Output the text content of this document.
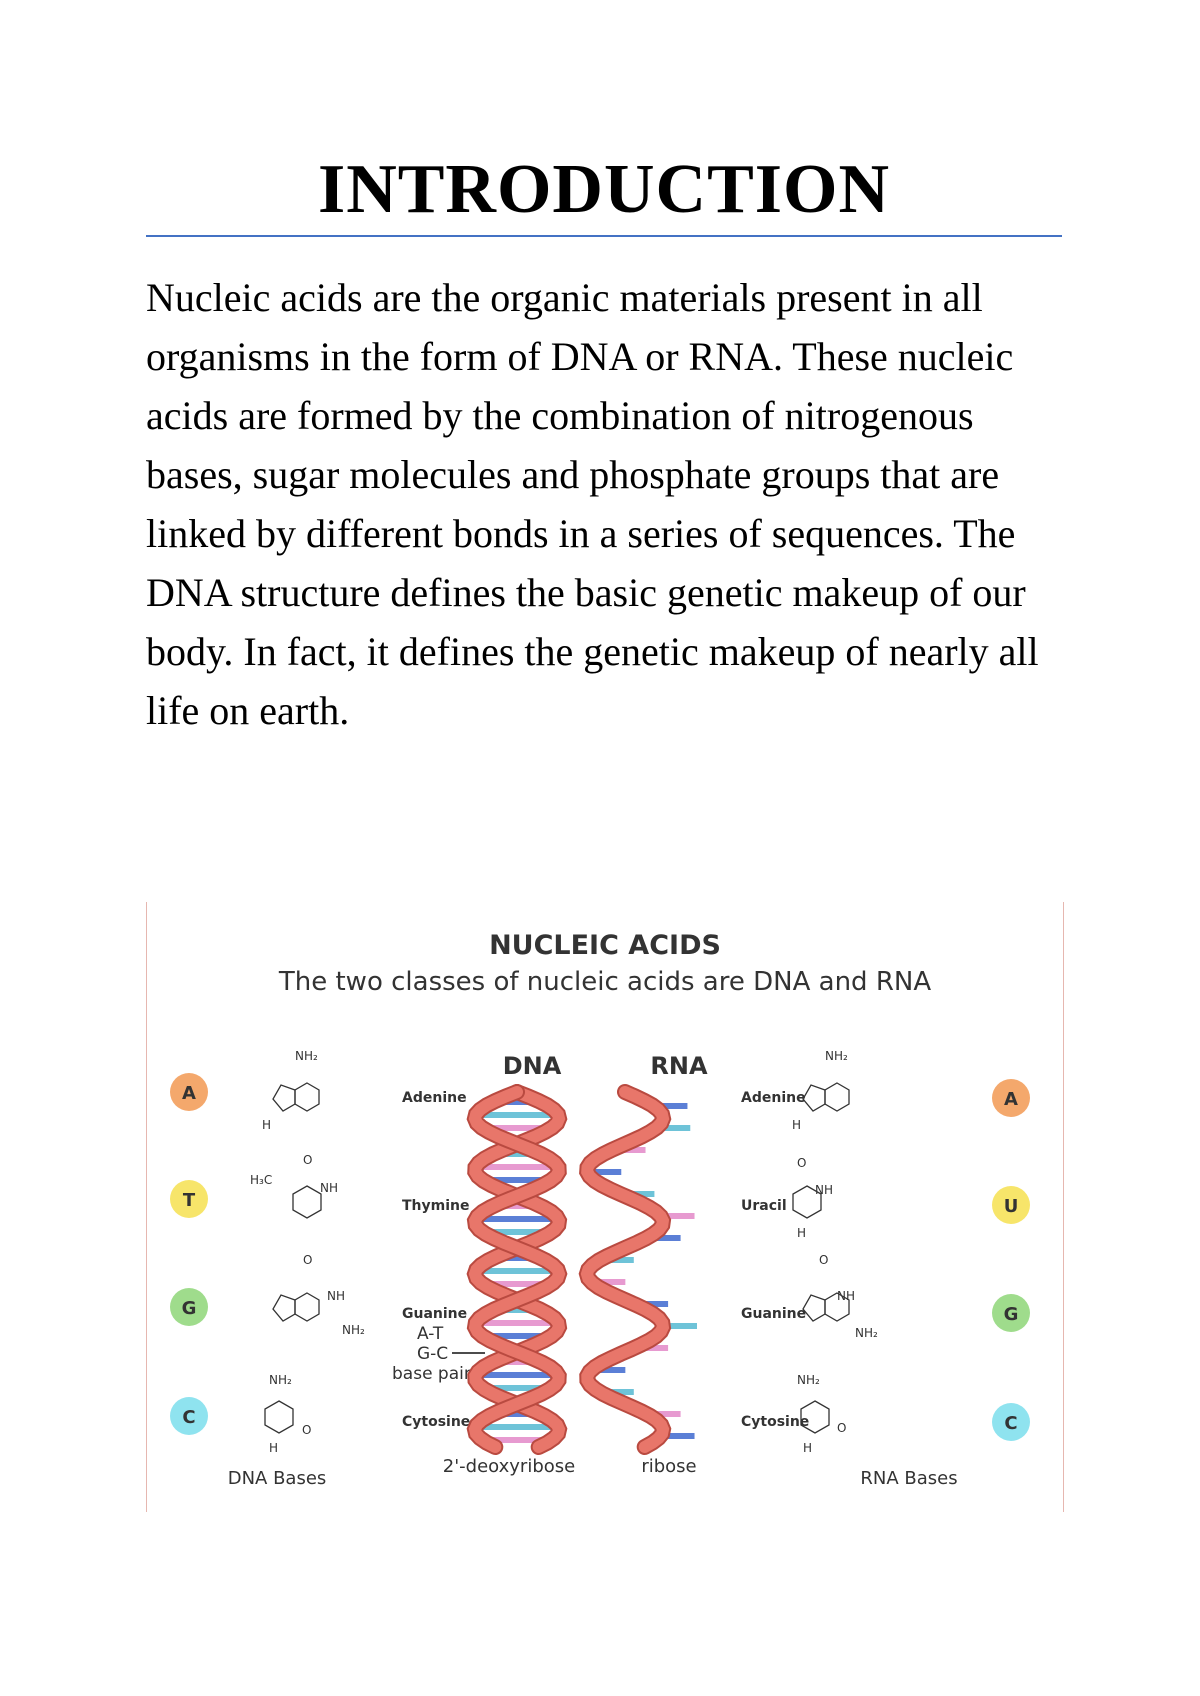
INTRODUCTION

Nucleic acids are the organic materials present in all organisms in the form of DNA or RNA. These nucleic acids are formed by the combination of nitrogenous bases, sugar molecules and phosphate groups that are linked by different bonds in a series of sequences. The DNA structure defines the basic genetic makeup of our body. In fact, it defines the genetic makeup of nearly all life on earth.

NUCLEIC ACIDS
The two classes of nucleic acids are DNA and RNA
DNA	RNA
A
T
G
C
A
U
G
C
NH₂
H
H₃C
NH
O
O
NH
NH₂
NH₂
O
H
NH₂
H
O
NH
H
O
NH
NH₂
NH₂
O
H
Adenine
Thymine
Guanine
Cytosine
Adenine
Uracil
Guanine
Cytosine
A-T
G-C
base pair
DNA Bases
2'-deoxyribose	ribose
RNA Bases
